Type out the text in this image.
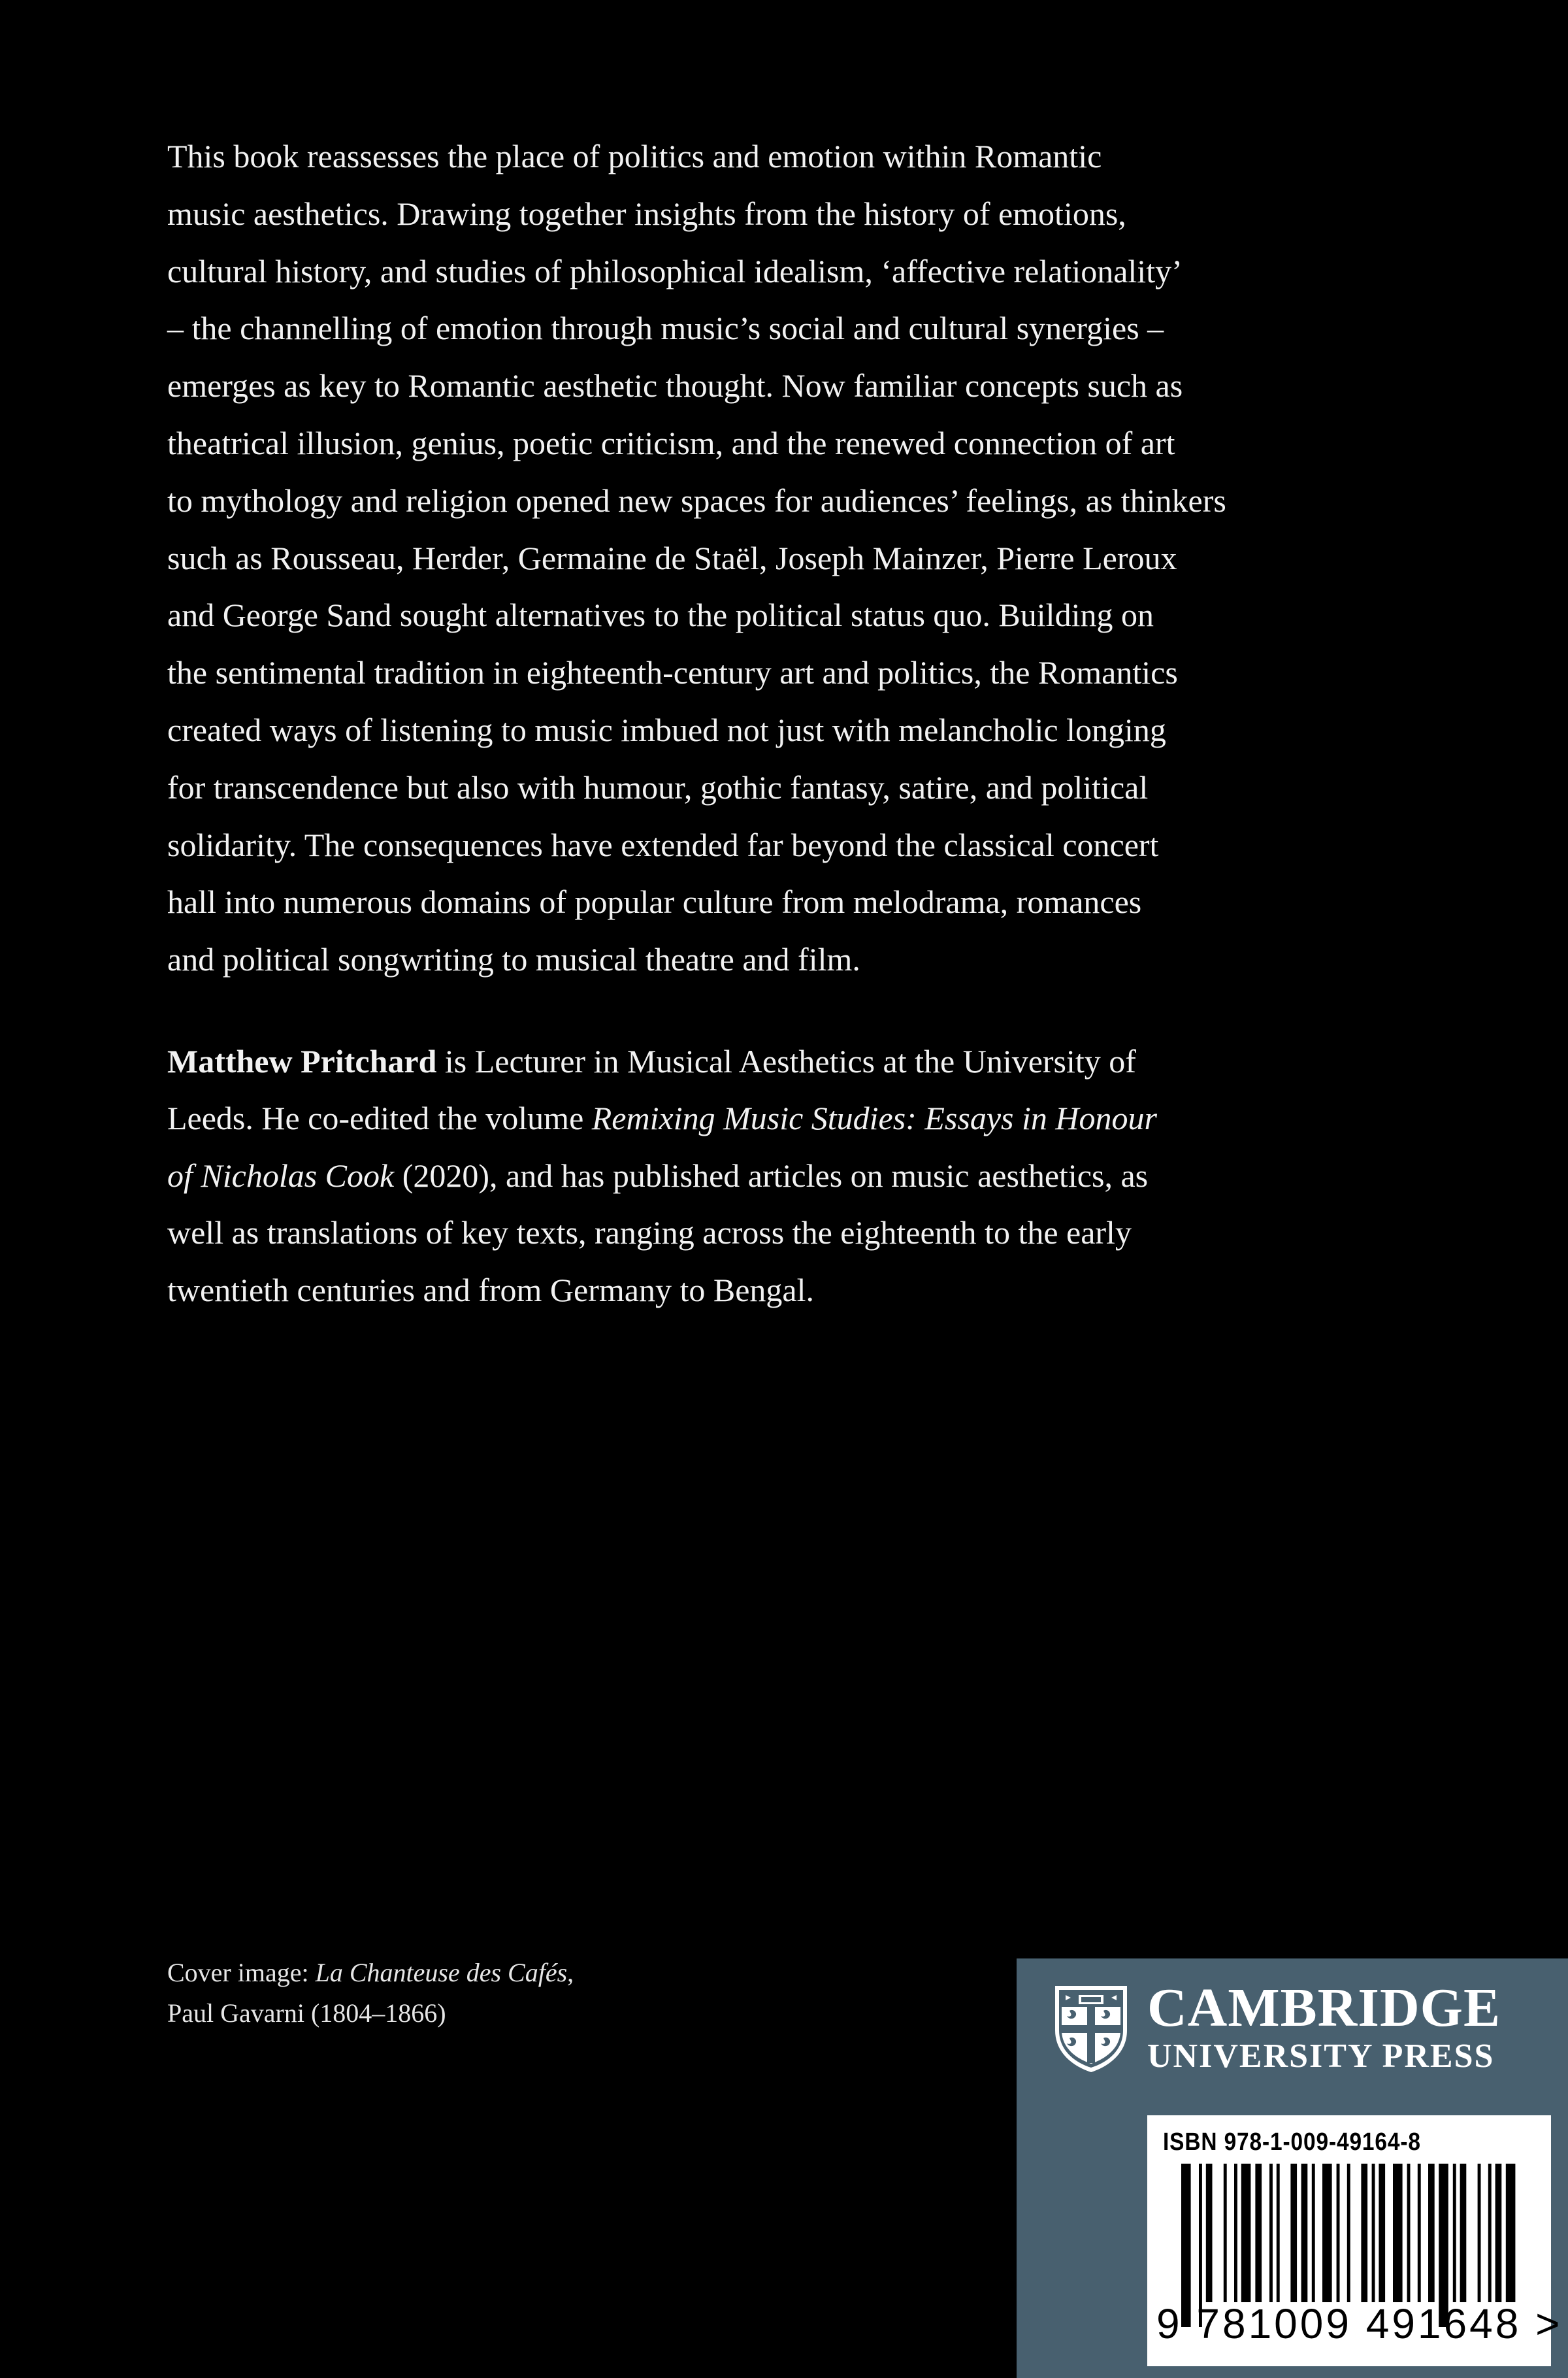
This book reassesses the place of politics and emotion within Romantic
music aesthetics. Drawing together insights from the history of emotions,
cultural history, and studies of philosophical idealism, ‘affective relationality’
– the channelling of emotion through music’s social and cultural synergies –
emerges as key to Romantic aesthetic thought. Now familiar concepts such as
theatrical illusion, genius, poetic criticism, and the renewed connection of art
to mythology and religion opened new spaces for audiences’ feelings, as thinkers
such as Rousseau, Herder, Germaine de Staël, Joseph Mainzer, Pierre Leroux
and George Sand sought alternatives to the political status quo. Building on
the sentimental tradition in eighteenth-century art and politics, the Romantics
created ways of listening to music imbued not just with melancholic longing
for transcendence but also with humour, gothic fantasy, satire, and political
solidarity. The consequences have extended far beyond the classical concert
hall into numerous domains of popular culture from melodrama, romances
and political songwriting to musical theatre and film.
Matthew Pritchard is Lecturer in Musical Aesthetics at the University of
Leeds. He co-edited the volume Remixing Music Studies: Essays in Honour
of Nicholas Cook (2020), and has published articles on music aesthetics, as
well as translations of key texts, ranging across the eighteenth to the early
twentieth centuries and from Germany to Bengal.
Cover image: La Chanteuse des Cafés,
Paul Gavarni (1804–1866)	CAMBRIDGE
UNIVERSITY PRESS
ISBN 978-1-009-49164-8
9 781009 491648 >
